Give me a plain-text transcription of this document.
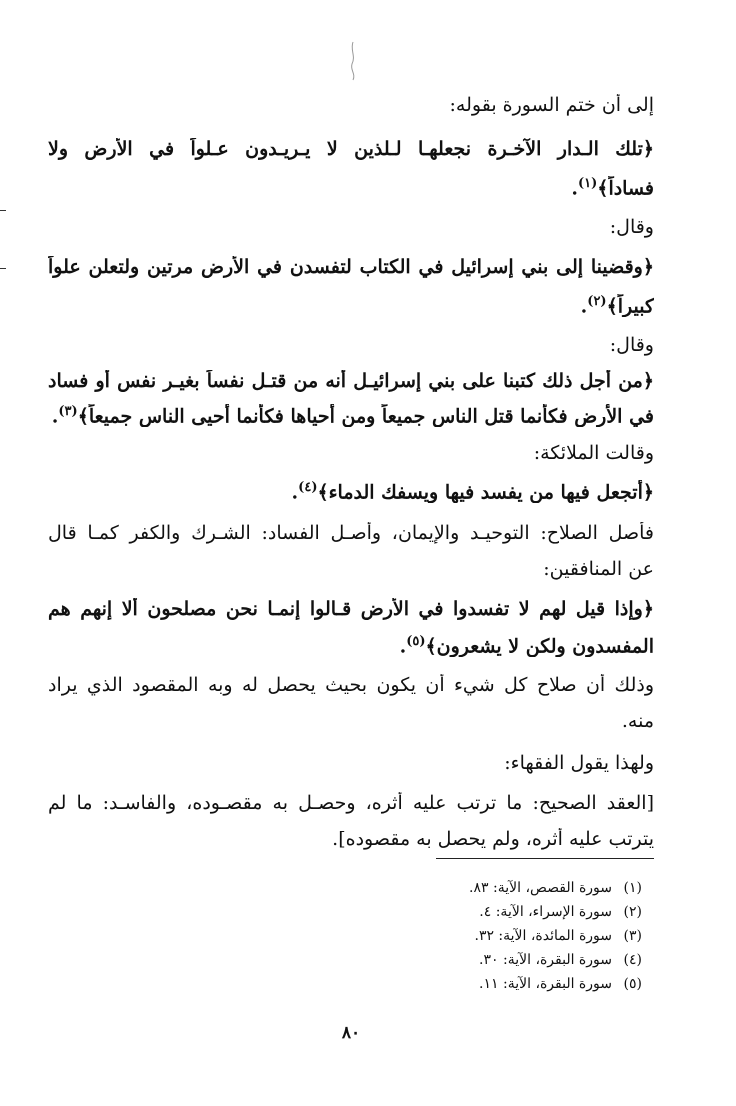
إلى أن ختم السورة بقوله:
﴿تلك الـدار الآخـرة نجعلهـا لـلذين لا يـريـدون عـلواً في الأرض ولا
فساداً﴾$^{(١)}$.
وقال:
﴿وقضينا إلى بني إسرائيل في الكتاب لتفسدن في الأرض مرتين ولتعلن علواً
كبيراً﴾$^{(٢)}$.
وقال:
﴿من أجل ذلك كتبنا على بني إسرائيـل أنه من قتـل نفساً بغيـر نفس أو فساد
في الأرض فكأنما قتل الناس جميعاً ومن أحياها فكأنما أحيى الناس جميعاً﴾$^{(٣)}$.
وقالت الملائكة:
﴿أتجعل فيها من يفسد فيها ويسفك الدماء﴾$^{(٤)}$.
فأصل الصلاح: التوحيـد والإيمان، وأصـل الفساد: الشـرك والكفر كمـا قال
عن المنافقين:
﴿وإذا قيل لهم لا تفسدوا في الأرض قـالوا إنمـا نحن مصلحون ألا إنهم هم
المفسدون ولكن لا يشعرون﴾$^{(٥)}$.
وذلك أن صلاح كل شيء أن يكون بحيث يحصل له وبه المقصود الذي يراد
منه.
ولهذا يقول الفقهاء:
[العقد الصحيح: ما ترتب عليه أثره، وحصـل به مقصـوده، والفاسـد: ما لم
يترتب عليه أثره، ولم يحصل به مقصوده].
(١)سورة القصص، الآية: ٨٣.
(٢)سورة الإسراء، الآية: ٤.
(٣)سورة المائدة، الآية: ٣٢.
(٤)سورة البقرة، الآية: ٣٠.
(٥)سورة البقرة، الآية: ١١.
٨٠
